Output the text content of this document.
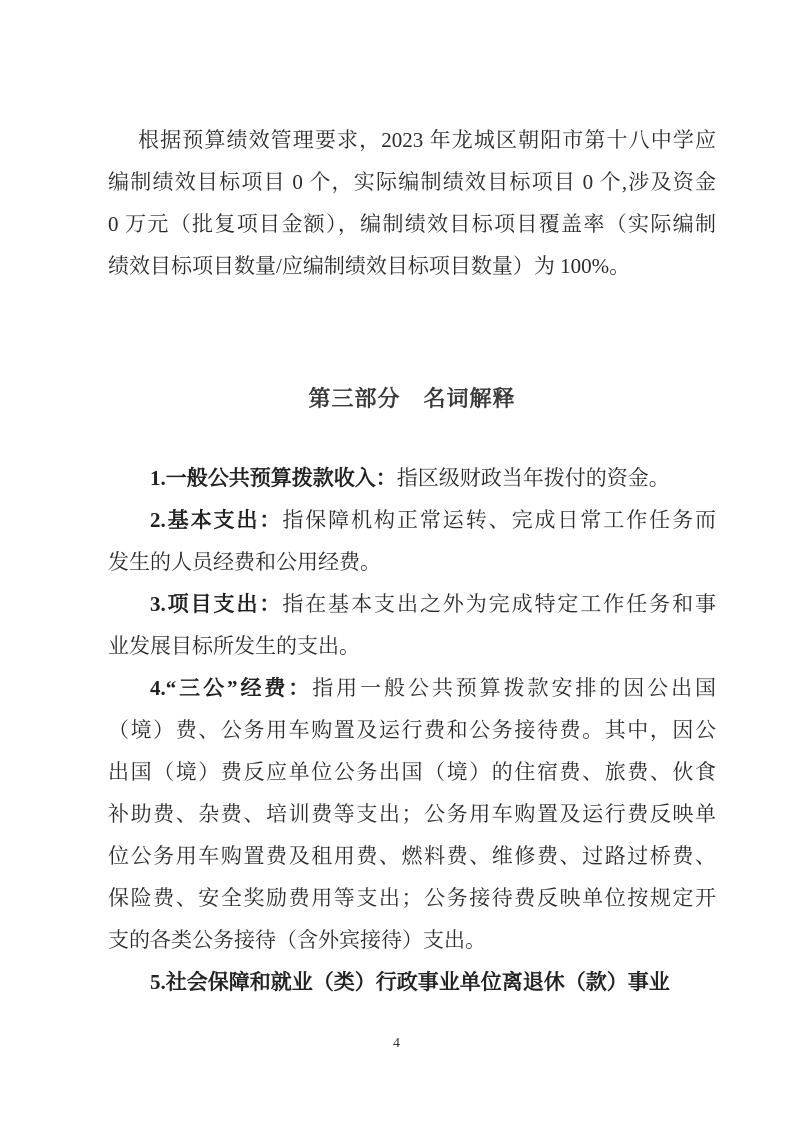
根据预算绩效管理要求，2023 年龙城区朝阳市第十八中学应
编制绩效目标项目 0 个，实际编制绩效目标项目 0 个,涉及资金
0 万元（批复项目金额），编制绩效目标项目覆盖率（实际编制
绩效目标项目数量/应编制绩效目标项目数量）为 100%。
第三部分　名词解释
1.一般公共预算拨款收入：指区级财政当年拨付的资金。
2.基本支出：指保障机构正常运转、完成日常工作任务而
发生的人员经费和公用经费。
3.项目支出：指在基本支出之外为完成特定工作任务和事
业发展目标所发生的支出。
4.“三公”经费：指用一般公共预算拨款安排的因公出国
（境）费、公务用车购置及运行费和公务接待费。其中，因公
出国（境）费反应单位公务出国（境）的住宿费、旅费、伙食
补助费、杂费、培训费等支出；公务用车购置及运行费反映单
位公务用车购置费及租用费、燃料费、维修费、过路过桥费、
保险费、安全奖励费用等支出；公务接待费反映单位按规定开
支的各类公务接待（含外宾接待）支出。
5.社会保障和就业（类）行政事业单位离退休（款）事业
4
